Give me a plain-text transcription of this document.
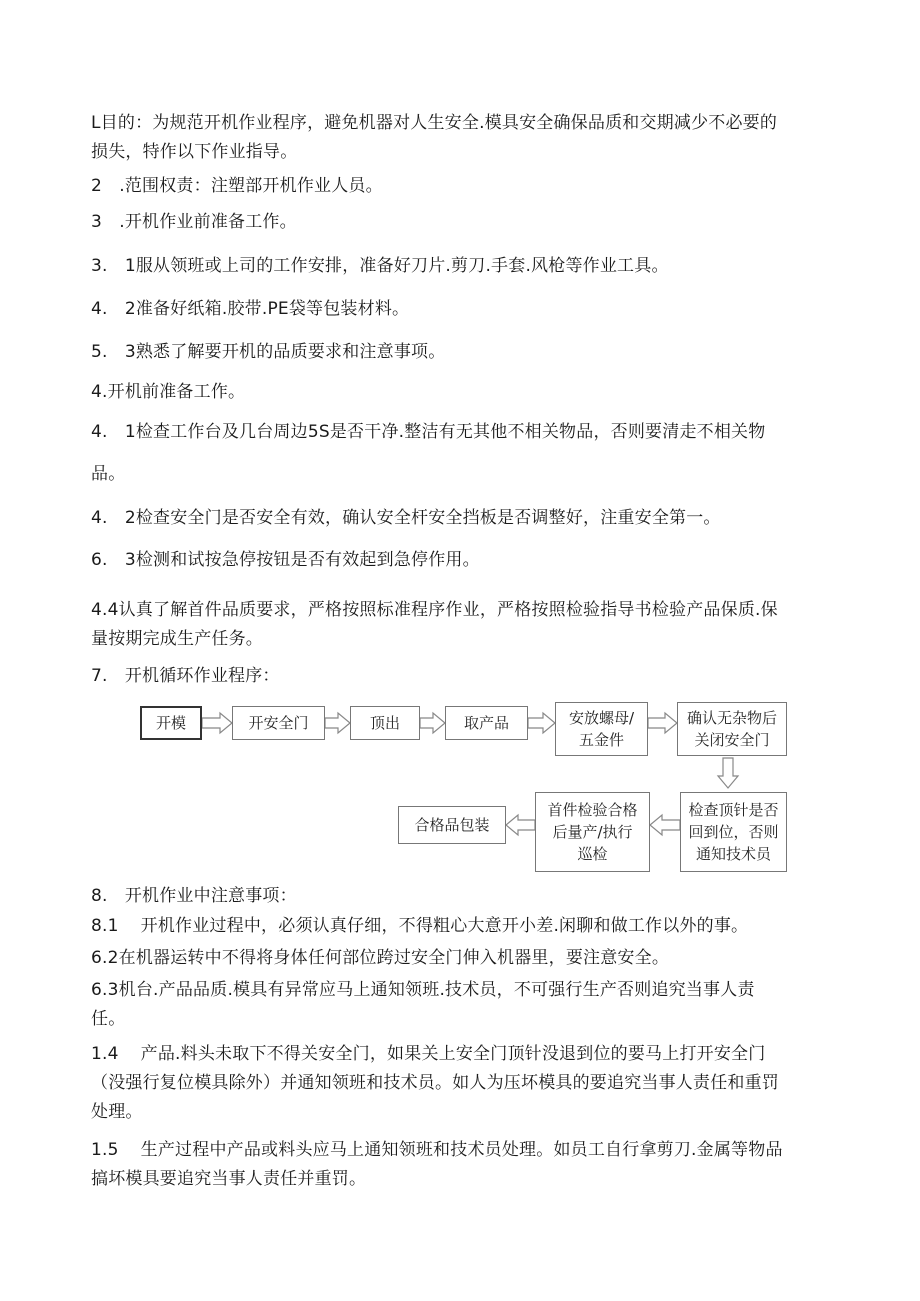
L目的：为规范开机作业程序，避免机器对人生安全.模具安全确保品质和交期减少不必要的
损失，特作以下作业指导。
2　.范围权责：注塑部开机作业人员。
3　.开机作业前准备工作。
3.　1服从领班或上司的工作安排，准备好刀片.剪刀.手套.风枪等作业工具。
4.　2准备好纸箱.胶带.PE袋等包装材料。
5.　3熟悉了解要开机的品质要求和注意事项。
4.开机前准备工作。
4.　1检查工作台及几台周边5S是否干净.整洁有无其他不相关物品，否则要清走不相关物
品。
4.　2检查安全门是否安全有效，确认安全杆安全挡板是否调整好，注重安全第一。
6.　3检测和试按急停按钮是否有效起到急停作用。
4.4认真了解首件品质要求，严格按照标准程序作业，严格按照检验指导书检验产品保质.保
量按期完成生产任务。
7.　开机循环作业程序：
开模	开安全门	顶出	取产品	安放螺母/
五金件
确认无杂物后
关闭安全门
检查顶针是否
回到位，否则
通知技术员
首件检验合格
后量产/执行
巡检
合格品包装
8.　开机作业中注意事项：
8.1 开机作业过程中，必须认真仔细，不得粗心大意开小差.闲聊和做工作以外的事。
6.2在机器运转中不得将身体任何部位跨过安全门伸入机器里，要注意安全。
6.3机台.产品品质.模具有异常应马上通知领班.技术员，不可强行生产否则追究当事人责
任。
1.4 产品.料头未取下不得关安全门，如果关上安全门顶针没退到位的要马上打开安全门
（没强行复位模具除外）并通知领班和技术员。如人为压坏模具的要追究当事人责任和重罚
处理。
1.5 生产过程中产品或料头应马上通知领班和技术员处理。如员工自行拿剪刀.金属等物品
搞坏模具要追究当事人责任并重罚。
